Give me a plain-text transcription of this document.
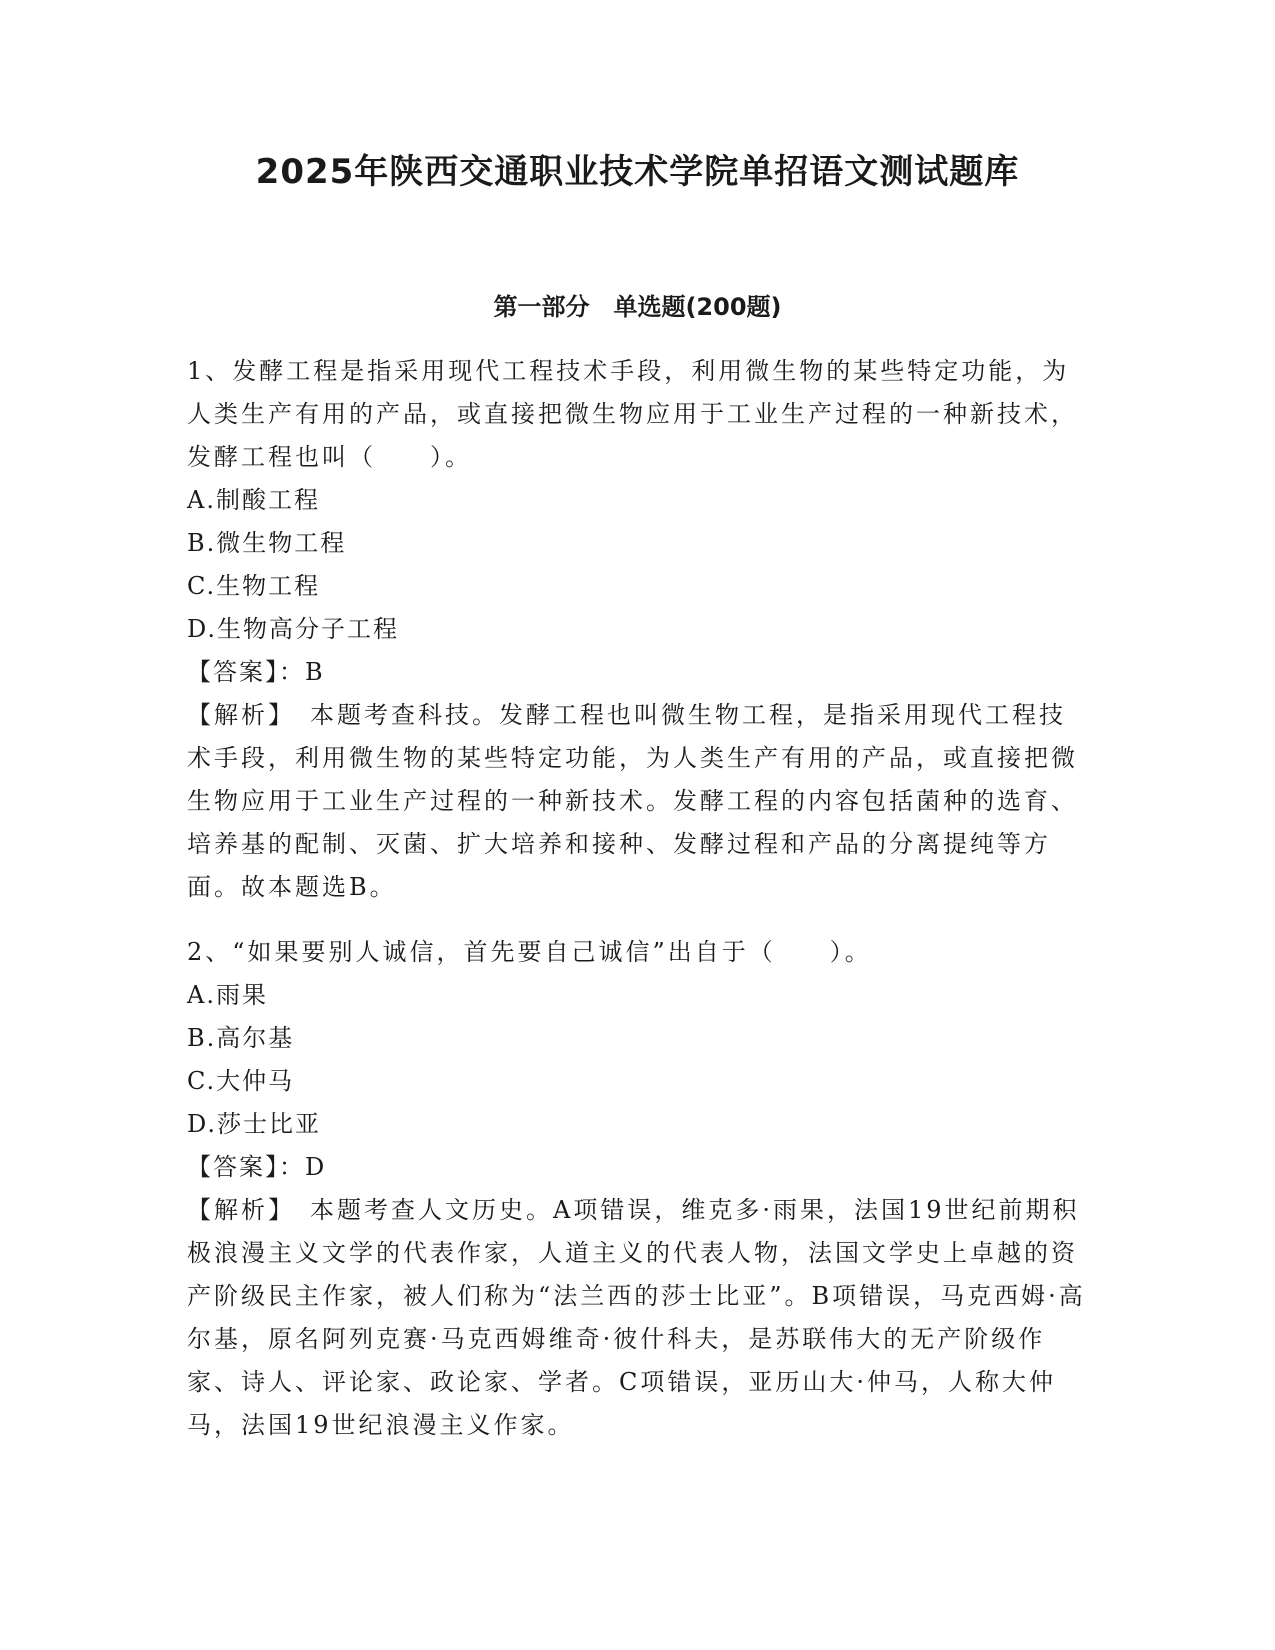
2025年陕西交通职业技术学院单招语文测试题库
第一部分　单选题(200题)

1、发酵工程是指采用现代工程技术手段，利用微生物的某些特定功能，为人类生产有用的产品，或直接把微生物应用于工业生产过程的一种新技术，发酵工程也叫（　　）。

A.制酸工程

B.微生物工程

C.生物工程

D.生物高分子工程

【答案】：B

【解析】　本题考查科技。发酵工程也叫微生物工程，是指采用现代工程技术手段，利用微生物的某些特定功能，为人类生产有用的产品，或直接把微生物应用于工业生产过程的一种新技术。发酵工程的内容包括菌种的选育、培养基的配制、灭菌、扩大培养和接种、发酵过程和产品的分离提纯等方面。故本题选B。

2、“如果要别人诚信，首先要自己诚信”出自于（　　）。

A.雨果

B.高尔基

C.大仲马

D.莎士比亚

【答案】：D

【解析】　本题考查人文历史。A项错误，维克多·雨果，法国19世纪前期积极浪漫主义文学的代表作家，人道主义的代表人物，法国文学史上卓越的资产阶级民主作家，被人们称为“法兰西的莎士比亚”。B项错误，马克西姆·高尔基，原名阿列克赛·马克西姆维奇·彼什科夫，是苏联伟大的无产阶级作家、诗人、评论家、政论家、学者。C项错误，亚历山大·仲马，人称大仲马，法国19世纪浪漫主义作家。
